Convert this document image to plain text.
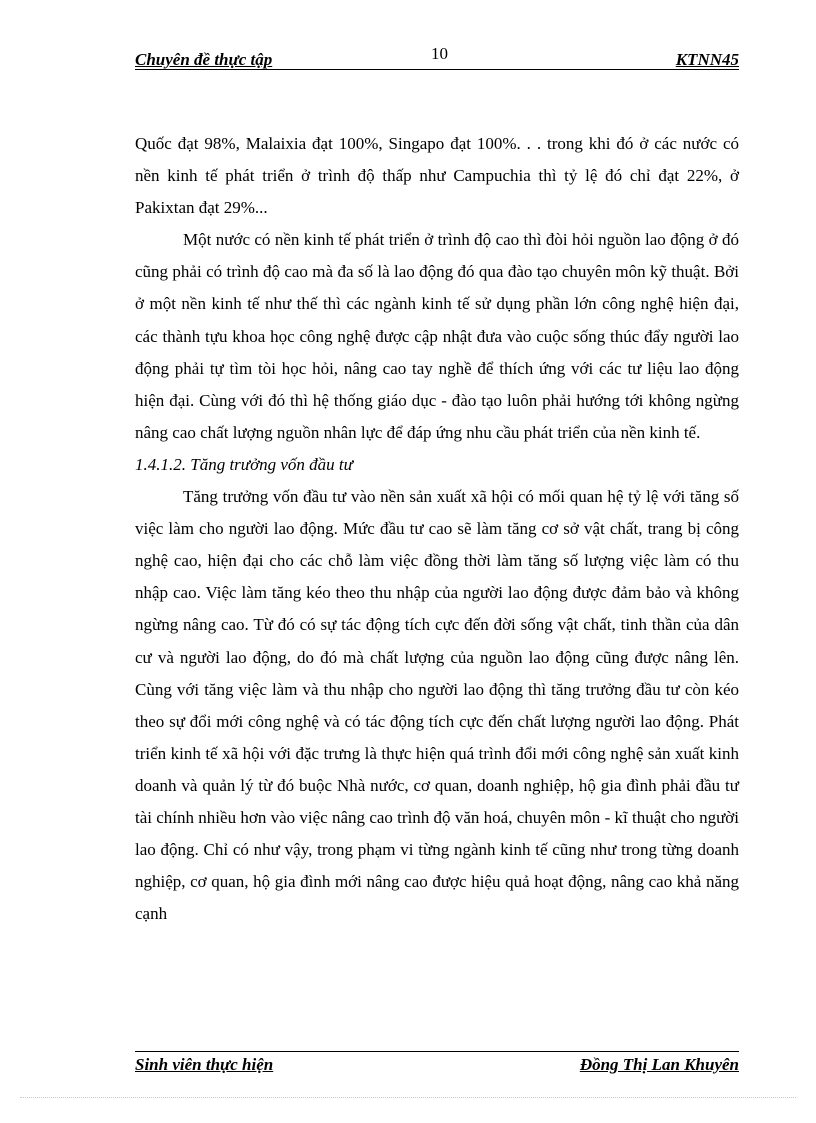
Chuyên đề thực tập	10	KTNN45

Quốc đạt 98%, Malaixia đạt 100%, Singapo đạt 100%. . . trong khi đó ở các nước có nền kinh tế phát triển ở trình độ thấp như Campuchia thì tỷ lệ đó chỉ đạt 22%, ở Pakixtan đạt 29%...

Một nước có nền kinh tế phát triển ở trình độ cao thì đòi hỏi nguồn lao động ở đó cũng phải có trình độ cao mà đa số là lao động đó qua đào tạo chuyên môn kỹ thuật. Bởi ở một nền kinh tế như thế thì các ngành kinh tế sử dụng phần lớn công nghệ hiện đại, các thành tựu khoa học công nghệ được cập nhật đưa vào cuộc sống thúc đẩy người lao động phải tự tìm tòi học hỏi, nâng cao tay nghề để thích ứng với các tư liệu lao động hiện đại. Cùng với đó thì hệ thống giáo dục - đào tạo luôn phải hướng tới không ngừng nâng cao chất lượng nguồn nhân lực để đáp ứng nhu cầu phát triển của nền kinh tế.

1.4.1.2. Tăng trưởng vốn đầu tư

Tăng trưởng vốn đầu tư vào nền sản xuất xã hội có mối quan hệ tỷ lệ với tăng số việc làm cho người lao động. Mức đầu tư cao sẽ làm tăng cơ sở vật chất, trang bị công nghệ cao, hiện đại cho các chỗ làm việc đồng thời làm tăng số lượng việc làm có thu nhập cao. Việc làm tăng kéo theo thu nhập của người lao động được đảm bảo và không ngừng nâng cao. Từ đó có sự tác động tích cực đến đời sống vật chất, tinh thần của dân cư và người lao động, do đó mà chất lượng của nguồn lao động cũng được nâng lên. Cùng với tăng việc làm và thu nhập cho người lao động thì tăng trưởng đầu tư còn kéo theo sự đổi mới công nghệ và có tác động tích cực đến chất lượng người lao động. Phát triển kinh tế xã hội với đặc trưng là thực hiện quá trình đổi mới công nghệ sản xuất kinh doanh và quản lý từ đó buộc Nhà nước, cơ quan, doanh nghiệp, hộ gia đình phải đầu tư tài chính nhiều hơn vào việc nâng cao trình độ văn hoá, chuyên môn - kĩ thuật cho người lao động. Chỉ có như vậy, trong phạm vi từng ngành kinh tế cũng như trong từng doanh nghiệp, cơ quan, hộ gia đình mới nâng cao được hiệu quả hoạt động, nâng cao khả năng cạnh

Sinh viên thực hiện	Đồng Thị Lan Khuyên
